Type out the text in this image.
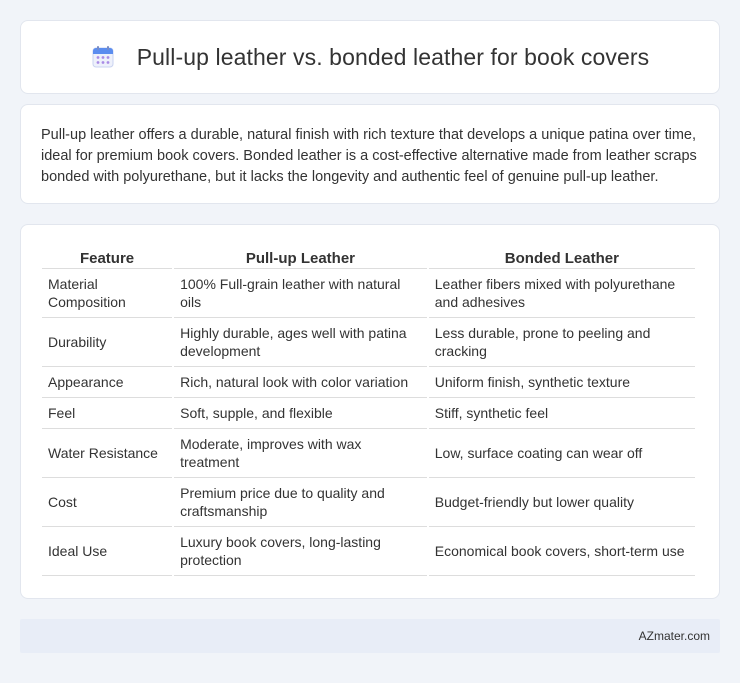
Pull-up leather vs. bonded leather for book covers

Pull-up leather offers a durable, natural finish with rich texture that develops a unique patina over time, ideal for premium book covers. Bonded leather is a cost-effective alternative made from leather scraps bonded with polyurethane, but it lacks the longevity and authentic feel of genuine pull-up leather.

Feature	Pull-up Leather	Bonded Leather
Material Composition	100% Full-grain leather with natural oils	Leather fibers mixed with polyurethane and adhesives
Durability	Highly durable, ages well with patina development	Less durable, prone to peeling and cracking
Appearance	Rich, natural look with color variation	Uniform finish, synthetic texture
Feel	Soft, supple, and flexible	Stiff, synthetic feel
Water Resistance	Moderate, improves with wax treatment	Low, surface coating can wear off
Cost	Premium price due to quality and craftsmanship	Budget-friendly but lower quality
Ideal Use	Luxury book covers, long-lasting protection	Economical book covers, short-term use
AZmater.com
